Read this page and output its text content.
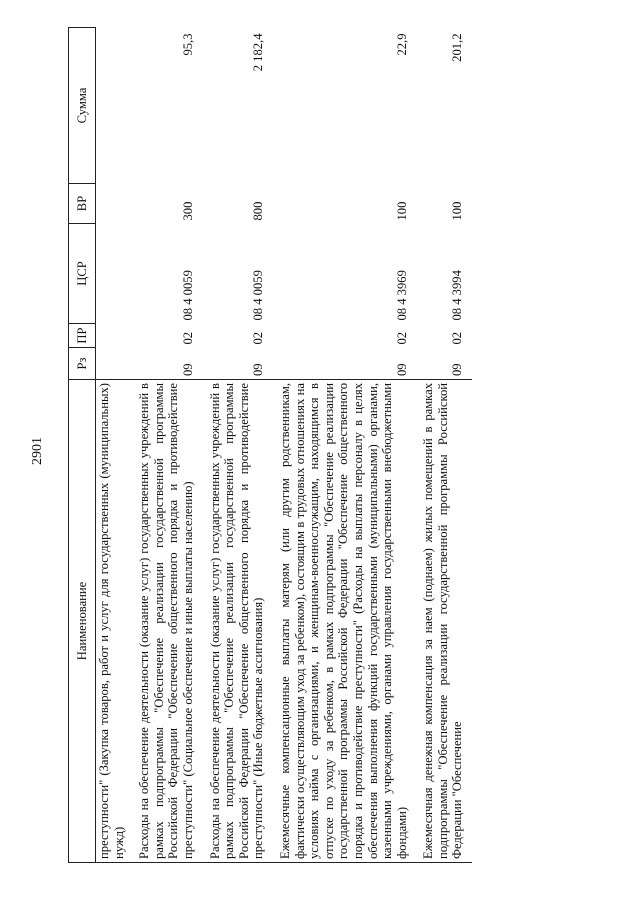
2901
Наименование	Рз	ПР	ЦСР	ВР	Сумма
преступности" (Закупка товаров, работ и услуг для государственных (муниципальных) нужд)					
Расходы на обеспечение деятельности (оказание услуг) государственных учреждений в рамках подпрограммы "Обеспечение реализации государственной программы Российской Федерации "Обеспечение общественного порядка и противодействие преступности" (Социальное обеспечение и иные выплаты населению)	09	02	08 4 0059	300	95,3
Расходы на обеспечение деятельности (оказание услуг) государственных учреждений в рамках подпрограммы "Обеспечение реализации государственной программы Российской Федерации "Обеспечение общественного порядка и противодействие преступности" (Иные бюджетные ассигнования)	09	02	08 4 0059	800	2 182,4
Ежемесячные компенсационные выплаты матерям (или другим родственникам, фактически осуществляющим уход за ребенком), состоящим в трудовых отношениях на условиях найма с организациями, и женщинам-военнослужащим, находящимся в отпуске по уходу за ребенком, в рамках подпрограммы "Обеспечение реализации государственной программы Российской Федерации "Обеспечение общественного порядка и противодействие преступности" (Расходы на выплаты персоналу в целях обеспечения выполнения функций государственными (муниципальными) органами, казенными учреждениями, органами управления государственными внебюджетными фондами)	09	02	08 4 3969	100	22,9
Ежемесячная денежная компенсация за наем (поднаем) жилых помещений в рамках подпрограммы "Обеспечение реализации государственной программы Российской Федерации "Обеспечение	09	02	08 4 3994	100	201,2
